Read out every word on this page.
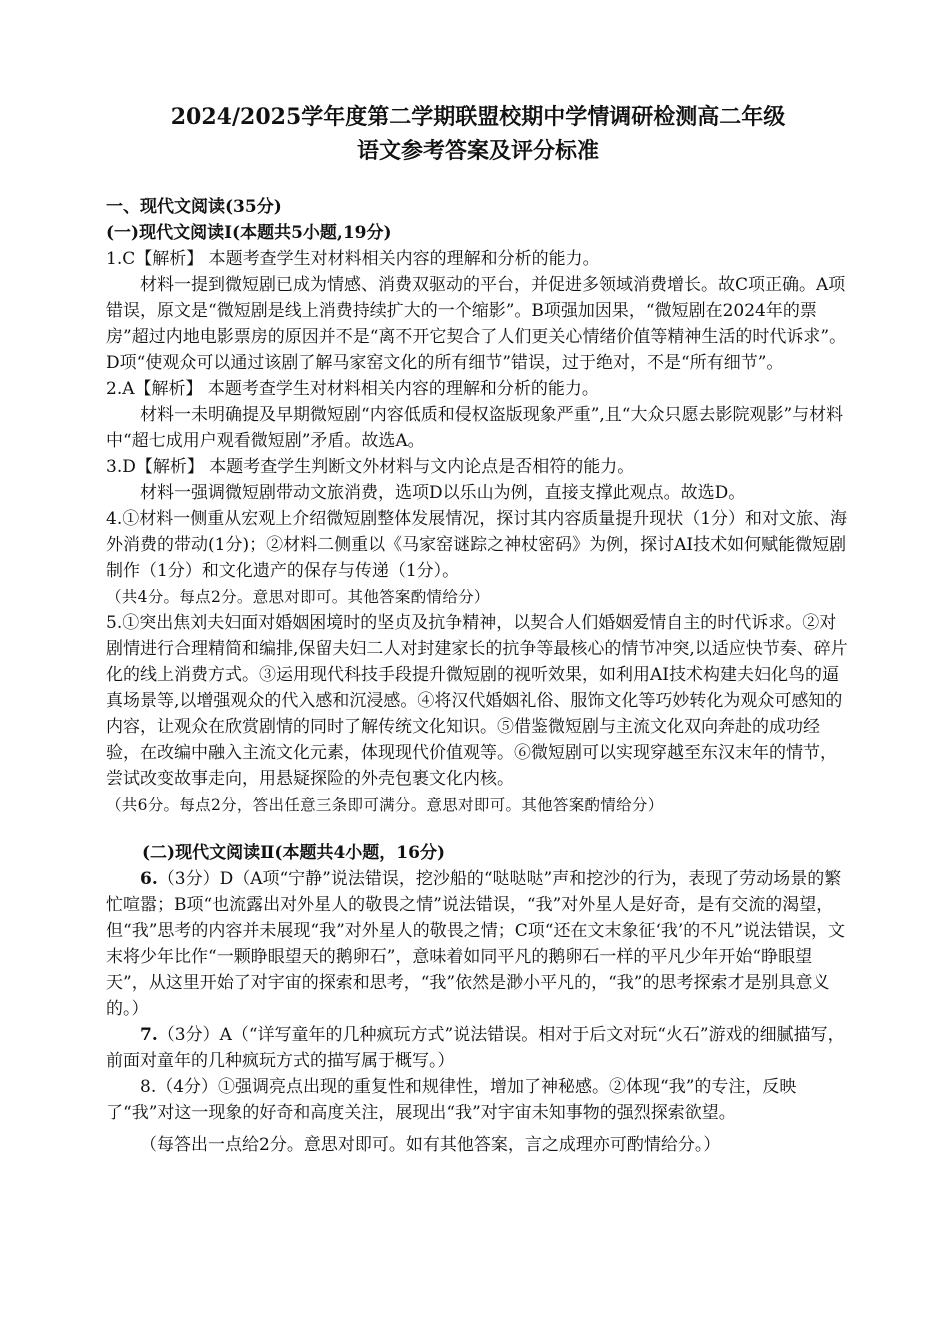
2024/2025学年度第二学期联盟校期中学情调研检测高二年级

语文参考答案及评分标准

一、现代文阅读(35分)

(一)现代文阅读Ⅰ(本题共5小题,19分)

1.C【解析】 本题考查学生对材料相关内容的理解和分析的能力。

材料一提到微短剧已成为情感、消费双驱动的平台，并促进多领域消费增长。故C项正确。A项错误，原文是“微短剧是线上消费持续扩大的一个缩影”。B项强加因果，“微短剧在2024年的票房”超过内地电影票房的原因并不是“离不开它契合了人们更关心情绪价值等精神生活的时代诉求”。D项“使观众可以通过该剧了解马家窑文化的所有细节”错误，过于绝对，不是“所有细节”。

2.A【解析】 本题考查学生对材料相关内容的理解和分析的能力。

材料一未明确提及早期微短剧“内容低质和侵权盗版现象严重”,且“大众只愿去影院观影”与材料中“超七成用户观看微短剧”矛盾。故选A。

3.D【解析】 本题考查学生判断文外材料与文内论点是否相符的能力。

材料一强调微短剧带动文旅消费，选项D以乐山为例，直接支撑此观点。故选D。

4.①材料一侧重从宏观上介绍微短剧整体发展情况，探讨其内容质量提升现状（1分）和对文旅、海外消费的带动(1分)；②材料二侧重以《马家窑谜踪之神杖密码》为例，探讨AI技术如何赋能微短剧制作（1分）和文化遗产的保存与传递（1分）。

（共4分。每点2分。意思对即可。其他答案酌情给分）

5.①突出焦刘夫妇面对婚姻困境时的坚贞及抗争精神，以契合人们婚姻爱情自主的时代诉求。②对剧情进行合理精简和编排,保留夫妇二人对封建家长的抗争等最核心的情节冲突,以适应快节奏、碎片化的线上消费方式。③运用现代科技手段提升微短剧的视听效果，如利用AI技术构建夫妇化鸟的逼真场景等,以增强观众的代入感和沉浸感。④将汉代婚姻礼俗、服饰文化等巧妙转化为观众可感知的内容，让观众在欣赏剧情的同时了解传统文化知识。⑤借鉴微短剧与主流文化双向奔赴的成功经验，在改编中融入主流文化元素，体现现代价值观等。⑥微短剧可以实现穿越至东汉末年的情节，尝试改变故事走向，用悬疑探险的外壳包裹文化内核。

（共6分。每点2分，答出任意三条即可满分。意思对即可。其他答案酌情给分）

(二)现代文阅读Ⅱ(本题共4小题，16分)

6.（3分）D（A项“宁静”说法错误，挖沙船的“哒哒哒”声和挖沙的行为，表现了劳动场景的繁忙喧嚣；B项“也流露出对外星人的敬畏之情”说法错误，“我”对外星人是好奇，是有交流的渴望，但“我”思考的内容并未展现“我”对外星人的敬畏之情；C项“还在文末象征‘我’的不凡”说法错误，文末将少年比作“一颗睁眼望天的鹅卵石”，意味着如同平凡的鹅卵石一样的平凡少年开始“睁眼望天”，从这里开始了对宇宙的探索和思考，“我”依然是渺小平凡的，“我”的思考探索才是别具意义的。）

7.（3分）A（“详写童年的几种疯玩方式”说法错误。相对于后文对玩“火石”游戏的细腻描写，前面对童年的几种疯玩方式的描写属于概写。）

8.（4分）①强调亮点出现的重复性和规律性，增加了神秘感。②体现“我”的专注，反映了“我”对这一现象的好奇和高度关注，展现出“我”对宇宙未知事物的强烈探索欲望。

（每答出一点给2分。意思对即可。如有其他答案，言之成理亦可酌情给分。）
